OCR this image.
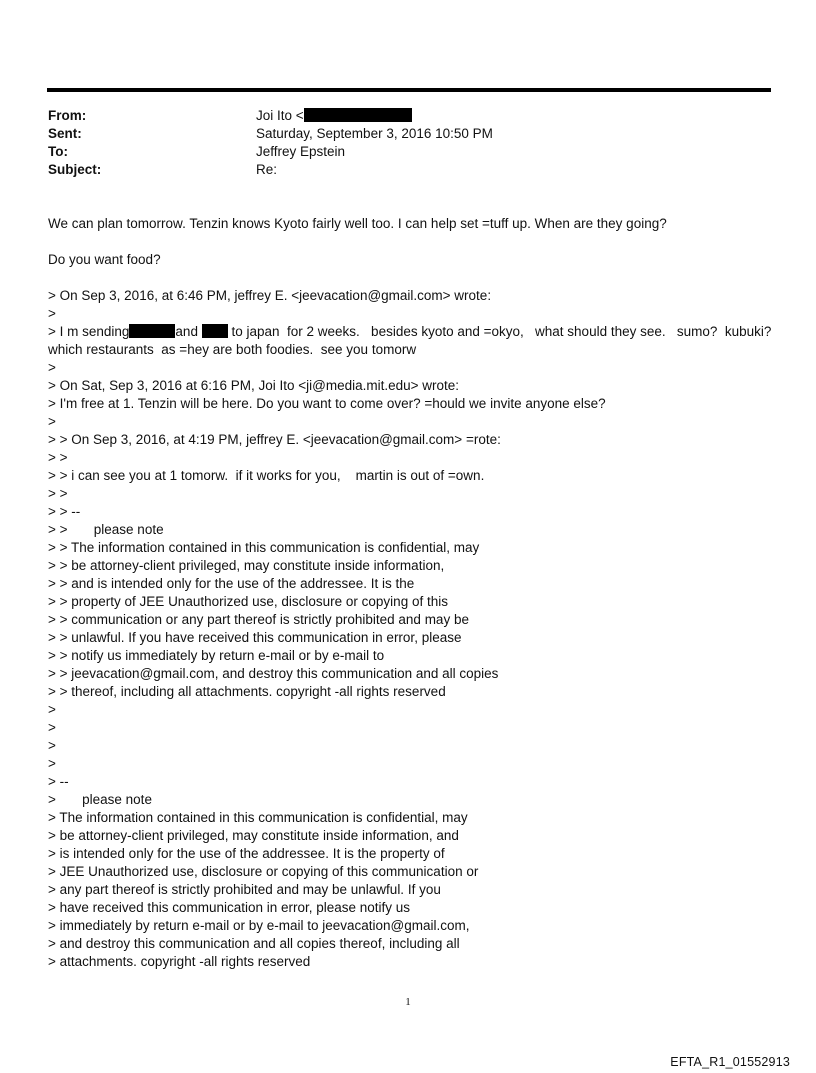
From:	Joi Ito <
Sent:	Saturday, September 3, 2016 10:50 PM
To:	Jeffrey Epstein
Subject:	Re:
We can plan tomorrow. Tenzin knows Kyoto fairly well too. I can help set =tuff up. When are they going?
Do you want food?
> On Sep 3, 2016, at 6:46 PM, jeffrey E. <jeevacation@gmail.com> wrote:
>
> I m sending	and to japan  for 2 weeks.   besides kyoto and =okyo,   what should they see.   sumo?  kubuki?
which restaurants  as =hey are both foodies.  see you tomorw
>
> On Sat, Sep 3, 2016 at 6:16 PM, Joi Ito <ji@media.mit.edu> wrote:
> I'm free at 1. Tenzin will be here. Do you want to come over? =hould we invite anyone else?
>
> > On Sep 3, 2016, at 4:19 PM, jeffrey E. <jeevacation@gmail.com> =rote:
> >
> > i can see you at 1 tomorw.  if it works for you,    martin is out of =own.
> >
> > --
> >       please note
> > The information contained in this communication is confidential, may
> > be attorney-client privileged, may constitute inside information,
> > and is intended only for the use of the addressee. It is the
> > property of JEE Unauthorized use, disclosure or copying of this
> > communication or any part thereof is strictly prohibited and may be
> > unlawful. If you have received this communication in error, please
> > notify us immediately by return e-mail or by e-mail to
> > jeevacation@gmail.com, and destroy this communication and all copies
> > thereof, including all attachments. copyright -all rights reserved
>
>
>
>
> --
>       please note
> The information contained in this communication is confidential, may
> be attorney-client privileged, may constitute inside information, and
> is intended only for the use of the addressee. It is the property of
> JEE Unauthorized use, disclosure or copying of this communication or
> any part thereof is strictly prohibited and may be unlawful. If you
> have received this communication in error, please notify us
> immediately by return e-mail or by e-mail to jeevacation@gmail.com,
> and destroy this communication and all copies thereof, including all
> attachments. copyright -all rights reserved
1
EFTA_R1_01552913
